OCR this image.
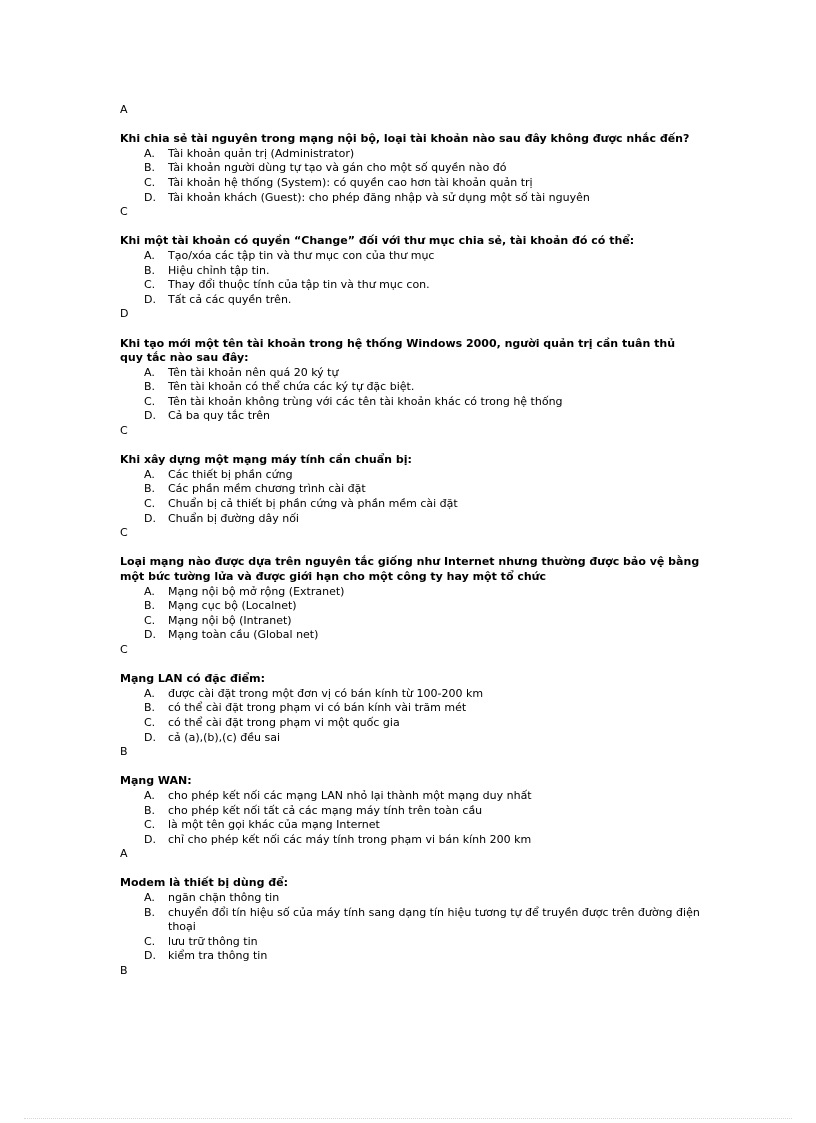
A
Khi chia sẻ tài nguyên trong mạng nội bộ, loại tài khoản nào sau đây không được nhắc đến?
A.	Tài khoản quản trị (Administrator)
B.	Tài khoản người dùng tự tạo và gán cho một số quyền nào đó
C.	Tài khoản hệ thống (System): có quyền cao hơn tài khoản quản trị
D.	Tài khoản khách (Guest): cho phép đăng nhập và sử dụng một số tài nguyên
C
Khi một tài khoản có quyền “Change” đối với thư mục chia sẻ, tài khoản đó có thể:
A.	Tạo/xóa các tập tin và thư mục con của thư mục
B.	Hiệu chỉnh tập tin.
C.	Thay đổi thuộc tính của tập tin và thư mục con.
D.	Tất cả các quyền trên.
D
Khi tạo mới một tên tài khoản trong hệ thống Windows 2000, người quản trị cần tuân thủ quy tắc nào sau đây:
A.	Tên tài khoản nên quá 20 ký tự
B.	Tên tài khoản có thể chứa các ký tự đặc biệt.
C.	Tên tài khoản không trùng với các tên tài khoản khác có trong hệ thống
D.	Cả ba quy tắc trên
C
Khi xây dựng một mạng máy tính cần chuẩn bị:
A.	Các thiết bị phần cứng
B.	Các phần mềm chương trình cài đặt
C.	Chuẩn bị cả thiết bị phần cứng và phần mềm cài đặt
D.	Chuẩn bị đường dây nối
C
Loại mạng nào được dựa trên nguyên tắc giống như Internet nhưng thường được bảo vệ bằng một bức tường lửa và được giới hạn cho một công ty hay một tổ chức
A.	Mạng nội bộ mở rộng (Extranet)
B.	Mạng cục bộ (Localnet)
C.	Mạng nội bộ (Intranet)
D.	Mạng toàn cầu (Global net)
C
Mạng LAN có đặc điểm:
A.	được cài đặt trong một đơn vị có bán kính từ 100-200 km
B.	có thể cài đặt trong phạm vi có bán kính vài trăm mét
C.	có thể cài đặt trong phạm vi một quốc gia
D.	cả (a),(b),(c) đều sai
B
Mạng WAN:
A.	cho phép kết nối các mạng LAN nhỏ lại thành một mạng duy nhất
B.	cho phép kết nối tất cả các mạng máy tính trên toàn cầu
C.	là một tên gọi khác của mạng Internet
D.	chỉ cho phép kết nối các máy tính trong phạm vi bán kính 200 km
A
Modem là thiết bị dùng để:
A.	ngăn chặn thông tin
B.	chuyển đổi tín hiệu số của máy tính sang dạng tín hiệu tương tự để truyền được trên đường điện thoại
C.	lưu trữ thông tin
D.	kiểm tra thông tin
B
